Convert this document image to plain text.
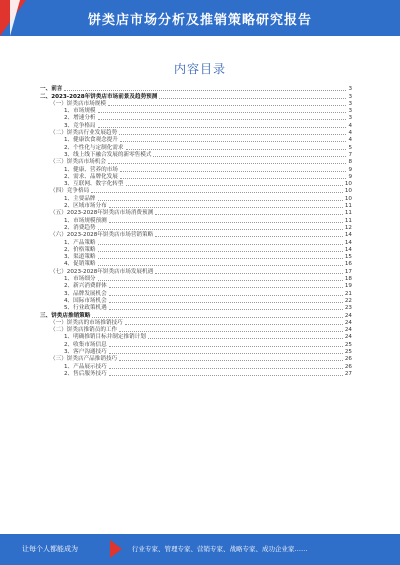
饼类店市场分析及推销策略研究报告
内容目录
一、前言	3
二、2023-2028年饼类店市场前景及趋势预测	3
（一）饼类店市场规模	3
1、市场规模	3
2、增速分析	3
3、竞争格局	4
（二）饼类店行业发展趋势	4
1、健康饮食观念提升	4
2、个性化与定制化需求	5
3、线上线下融合发展的新零售模式	7
（三）饼类店市场机会	8
1、健康、营养的市场	9
2、需求、品牌化发展	9
3、互联网、数字化转型	10
（四）竞争格局	10
1、主要品牌	10
2、区域市场分布	11
（五）2023-2028年饼类店市场消费预测	11
1、市场规模预测	11
2、消费趋势	12
（六）2023-2028年饼类店市场营销策略	14
1、产品策略	14
2、价格策略	14
3、渠道策略	15
4、促销策略	16
（七）2023-2028年饼类店市场发展机遇	17
1、市场细分	18
2、新兴消费群体	19
3、品牌发展机会	21
4、国际市场机会	22
5、行业政策机遇	23
三、饼类店推销策略	24
（一）饼类店的市场推销技巧	24
（二）饼类店推销员的工作	24
1、明确推销目标并制定推销计划	24
2、收集市场信息	25
3、客户沟通技巧	25
（三）饼类店产品推销技巧	26
1、产品展示技巧	26
2、售后服务技巧	27
让每个人都能成为	行业专家、管理专家、营销专家、战略专家、成功企业家……
